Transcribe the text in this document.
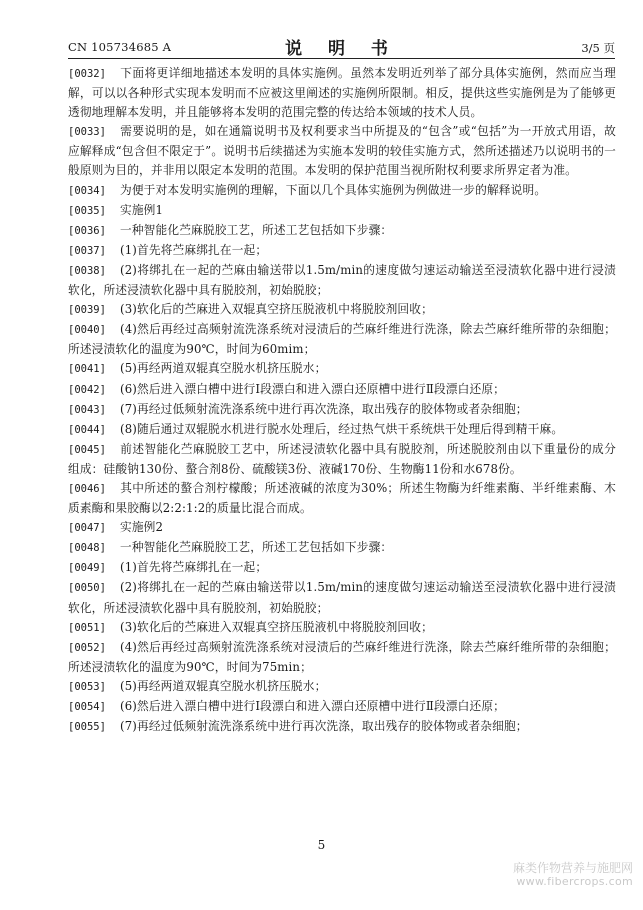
CN 105734685 A	说 明 书	3/5 页
[0032] 下面将更详细地描述本发明的具体实施例。虽然本发明近列举了部分具体实施例，然而应当理解，可以以各种形式实现本发明而不应被这里阐述的实施例所限制。相反，提供这些实施例是为了能够更透彻地理解本发明，并且能够将本发明的范围完整的传达给本领域的技术人员。
[0033] 需要说明的是，如在通篇说明书及权利要求当中所提及的“包含”或“包括”为一开放式用语，故应解释成“包含但不限定于”。说明书后续描述为实施本发明的较佳实施方式，然所述描述乃以说明书的一般原则为目的，并非用以限定本发明的范围。本发明的保护范围当视所附权利要求所界定者为准。
[0034] 为便于对本发明实施例的理解，下面以几个具体实施例为例做进一步的解释说明。
[0035] 实施例1
[0036] 一种智能化苎麻脱胶工艺，所述工艺包括如下步骤：
[0037] (1)首先将苎麻绑扎在一起；
[0038] (2)将绑扎在一起的苎麻由输送带以1.5m/min的速度做匀速运动输送至浸渍软化器中进行浸渍软化，所述浸渍软化器中具有脱胶剂，初始脱胶；
[0039] (3)软化后的苎麻进入双辊真空挤压脱液机中将脱胶剂回收；
[0040] (4)然后再经过高频射流洗涤系统对浸渍后的苎麻纤维进行洗涤，除去苎麻纤维所带的杂细胞；所述浸渍软化的温度为90℃，时间为60mim；
[0041] (5)再经两道双辊真空脱水机挤压脱水；
[0042] (6)然后进入漂白槽中进行Ⅰ段漂白和进入漂白还原槽中进行Ⅱ段漂白还原；
[0043] (7)再经过低频射流洗涤系统中进行再次洗涤，取出残存的胶体物或者杂细胞；
[0044] (8)随后通过双辊脱水机进行脱水处理后，经过热气烘干系统烘干处理后得到精干麻。
[0045] 前述智能化苎麻脱胶工艺中，所述浸渍软化器中具有脱胶剂，所述脱胶剂由以下重量份的成分组成：硅酸钠130份、螯合剂8份、硫酸镁3份、液碱170份、生物酶11份和水678份。
[0046] 其中所述的螯合剂柠檬酸；所述液碱的浓度为30%；所述生物酶为纤维素酶、半纤维素酶、木质素酶和果胶酶以2:2:1:2的质量比混合而成。
[0047] 实施例2
[0048] 一种智能化苎麻脱胶工艺，所述工艺包括如下步骤：
[0049] (1)首先将苎麻绑扎在一起；
[0050] (2)将绑扎在一起的苎麻由输送带以1.5m/min的速度做匀速运动输送至浸渍软化器中进行浸渍软化，所述浸渍软化器中具有脱胶剂，初始脱胶；
[0051] (3)软化后的苎麻进入双辊真空挤压脱液机中将脱胶剂回收；
[0052] (4)然后再经过高频射流洗涤系统对浸渍后的苎麻纤维进行洗涤，除去苎麻纤维所带的杂细胞；所述浸渍软化的温度为90℃，时间为75min；
[0053] (5)再经两道双辊真空脱水机挤压脱水；
[0054] (6)然后进入漂白槽中进行Ⅰ段漂白和进入漂白还原槽中进行Ⅱ段漂白还原；
[0055] (7)再经过低频射流洗涤系统中进行再次洗涤，取出残存的胶体物或者杂细胞；
5
麻类作物营养与施肥网
www.fibercrops.com
